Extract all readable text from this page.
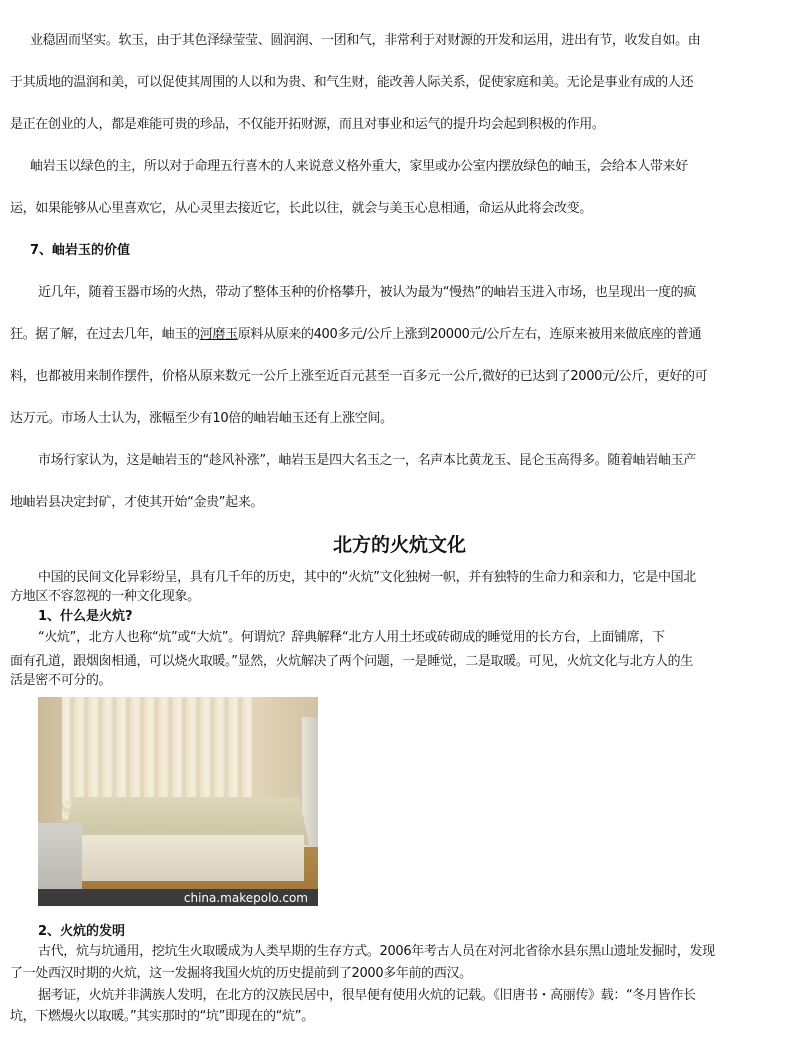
业稳固而坚实。软玉，由于其色泽绿莹莹、圆润润、一团和气，非常利于对财源的开发和运用，进出有节，收发自如。由
于其质地的温润和美，可以促使其周围的人以和为贵、和气生财，能改善人际关系，促使家庭和美。无论是事业有成的人还
是正在创业的人，都是难能可贵的珍品，不仅能开拓财源，而且对事业和运气的提升均会起到积极的作用。
岫岩玉以绿色的主，所以对于命理五行喜木的人来说意义格外重大，家里或办公室内摆放绿色的岫玉，会给本人带来好
运，如果能够从心里喜欢它，从心灵里去接近它，长此以往，就会与美玉心息相通，命运从此将会改变。
7、岫岩玉的价值
近几年，随着玉器市场的火热，带动了整体玉种的价格攀升，被认为最为“慢热”的岫岩玉进入市场，也呈现出一度的疯
狂。据了解，在过去几年，岫玉的河磨玉原料从原来的400多元/公斤上涨到20000元/公斤左右，连原来被用来做底座的普通
料，也都被用来制作摆件，价格从原来数元一公斤上涨至近百元甚至一百多元一公斤,微好的已达到了2000元/公斤，更好的可
达万元。市场人士认为，涨幅至少有10倍的岫岩岫玉还有上涨空间。
市场行家认为，这是岫岩玉的“趁风补涨”，岫岩玉是四大名玉之一，名声本比黄龙玉、昆仑玉高得多。随着岫岩岫玉产
地岫岩县决定封矿，才使其开始“金贵”起来。
北方的火炕文化
中国的民间文化异彩纷呈，具有几千年的历史，其中的“火炕”文化独树一帜，并有独特的生命力和亲和力，它是中国北
方地区不容忽视的一种文化现象。
1、什么是火炕?
“火炕”，北方人也称“炕”或“大炕”。何谓炕？辞典解释“北方人用土坯或砖砌成的睡觉用的长方台，上面铺席，下
面有孔道，跟烟囱相通，可以烧火取暖。”显然，火炕解决了两个问题，一是睡觉，二是取暖。可见，火炕文化与北方人的生
活是密不可分的。
china.makepolo.com
2、火炕的发明
古代，炕与坑通用，挖坑生火取暖成为人类早期的生存方式。2006年考古人员在对河北省徐水县东黑山遗址发掘时，发现
了一处西汉时期的火炕，这一发掘将我国火炕的历史提前到了2000多年前的西汉。
据考证，火炕并非满族人发明，在北方的汉族民居中，很早便有使用火炕的记载。《旧唐书・高丽传》载：“冬月皆作长
坑，下燃熳火以取暖。”其实那时的“坑”即现在的“炕”。
